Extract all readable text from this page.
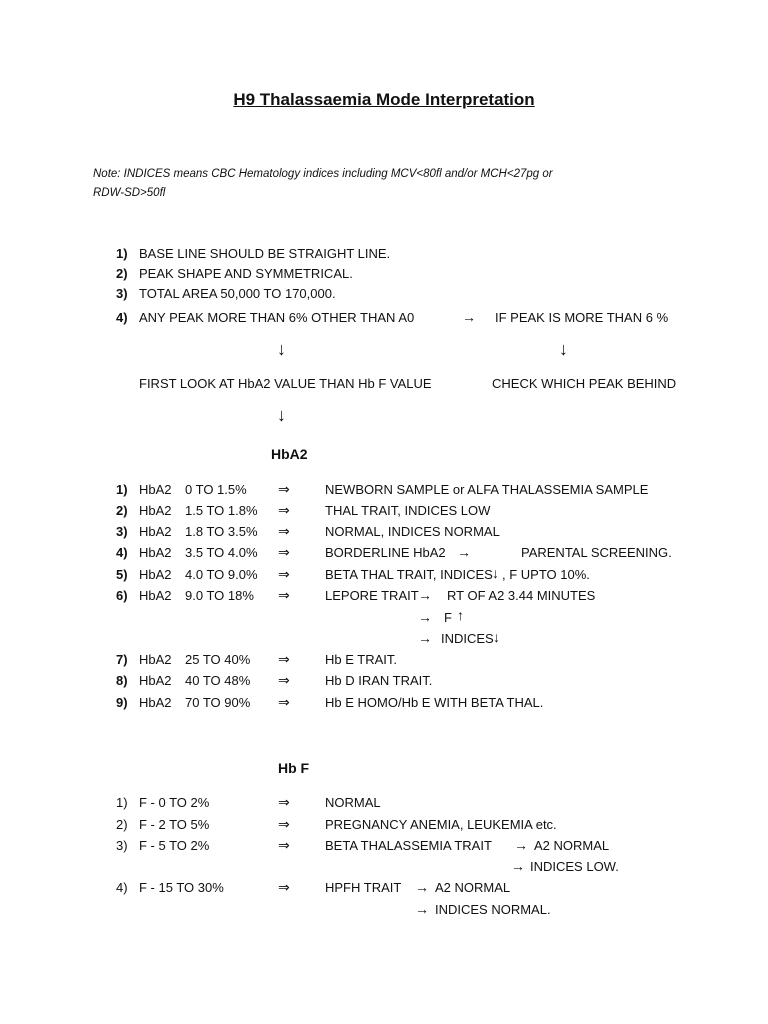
H9 Thalassaemia Mode Interpretation
Note: INDICES means CBC Hematology indices including MCV<80fl and/or MCH<27pg or
RDW-SD>50fl
1) BASE LINE SHOULD BE STRAIGHT LINE.
2) PEAK SHAPE AND SYMMETRICAL.
3) TOTAL AREA 50,000 TO 170,000.
4) ANY PEAK MORE THAN 6% OTHER THAN A0	→ IF PEAK IS MORE THAN 6 %
↓	↓
FIRST LOOK AT HbA2 VALUE THAN Hb F VALUE	CHECK WHICH PEAK BEHIND
↓
HbA2
1) HbA2 0 TO 1.5% ⇒	NEWBORN SAMPLE or ALFA THALASSEMIA SAMPLE
2) HbA2 1.5 TO 1.8% ⇒	THAL TRAIT, INDICES LOW
3) HbA2 1.8 TO 3.5% ⇒	NORMAL, INDICES NORMAL
4) HbA2 3.5 TO 4.0% ⇒	BORDERLINE HbA2 →	PARENTAL SCREENING.
5) HbA2 4.0 TO 9.0% ⇒	BETA THAL TRAIT, INDICES ↓ , F UPTO 10%.
6) HbA2 9.0 TO 18% ⇒	LEPORE TRAIT → RT OF A2 3.44 MINUTES
→ F ↑
→ INDICES ↓
7) HbA2 25 TO 40% ⇒	Hb E TRAIT.
8) HbA2 40 TO 48% ⇒	Hb D IRAN TRAIT.
9) HbA2 70 TO 90% ⇒	Hb E HOMO/Hb E WITH BETA THAL.
Hb F
1) F - 0 TO 2%	⇒	NORMAL
2) F - 2 TO 5%	⇒	PREGNANCY ANEMIA, LEUKEMIA etc.
3) F - 5 TO 2%	⇒	BETA THALASSEMIA TRAIT → A2 NORMAL
→ INDICES LOW.
4) F - 15 TO 30%	⇒	HPFH TRAIT → A2 NORMAL
→ INDICES NORMAL.
